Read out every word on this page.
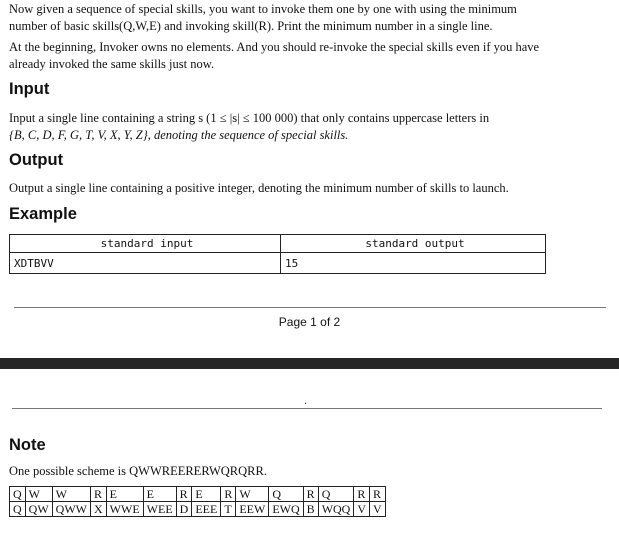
Now given a sequence of special skills, you want to invoke them one by one with using the minimum
number of basic skills(Q,W,E) and invoking skill(R). Print the minimum number in a single line.
At the beginning, Invoker owns no elements. And you should re-invoke the special skills even if you have
already invoked the same skills just now.
Input
Input a single line containing a string s (1 ≤ |s| ≤ 100 000) that only contains uppercase letters in
{B, C, D, F, G, T, V, X, Y, Z}, denoting the sequence of special skills.
Output
Output a single line containing a positive integer, denoting the minimum number of skills to launch.
Example
standard input	standard output
XDTBVV	15
Page 1 of 2
.
Note
One possible scheme is QWWREERERWQRQRR.
Q	W	W	R	E	E	R	E	R	W	Q	R	Q	R	R
Q	QW	QWW	X	WWE	WEE	D	EEE	T	EEW	EWQ	B	WQQ	V	V
